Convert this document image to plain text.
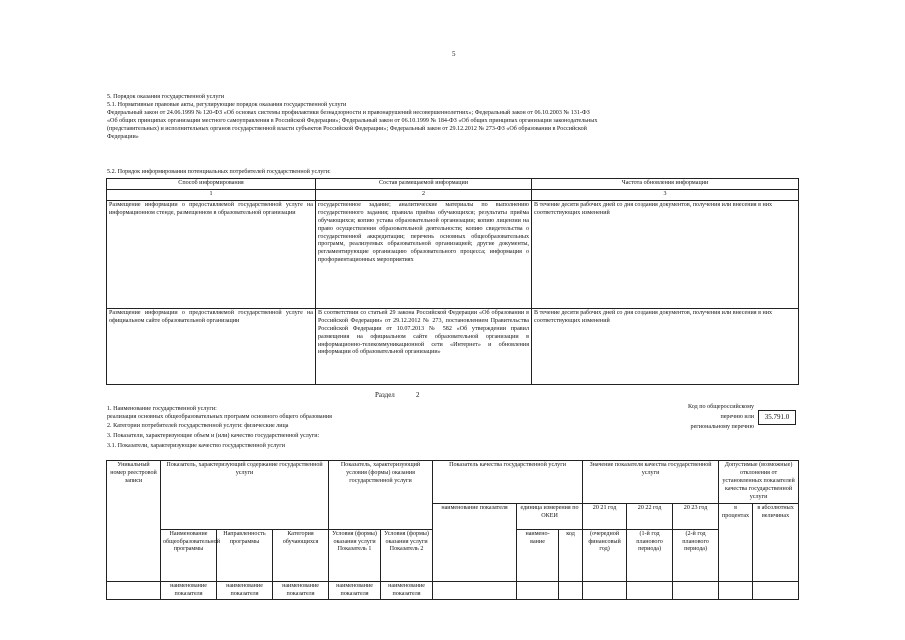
5
5. Порядок оказания государственной услуги
5.1. Нормативные правовые акты, регулирующие порядок оказания государственной услуги
Федеральный закон от 24.06.1999 № 120-ФЗ «Об основах системы профилактики безнадзорности и правонарушений несовершеннолетних»; Федеральный закон от 06.10.2003 № 131-ФЗ
«Об общих принципах организации местного самоуправления в Российской Федерации»; Федеральный закон от 06.10.1999 № 184-ФЗ «Об общих принципах организации законодательных
(представительных) и исполнительных органов государственной власти субъектов Российской Федерации»; Федеральный закон от 29.12.2012 № 273-ФЗ «Об образовании в Российской
Федерации»
5.2. Порядок информирования потенциальных потребителей государственной услуги:
Способ информирования	Состав размещаемой информации	Частота обновления информации
1	2	3
Размещение информации о предоставляемой государственной услуге на информационном стенде, размещенном в образовательной организации	государственное задание; аналитические материалы по выполнению государственного задания; правила приёма обучающихся; результаты приёма обучающихся; копию устава образовательной организации; копию лицензии на право осуществления образовательной деятельности; копию свидетельства о государственной аккредитации; перечень основных общеобразовательных программ, реализуемых образовательной организацией; другие документы, регламентирующие организацию образовательного процесса; информация о профориентационных мероприятиях	В течение десяти рабочих дней со дня создания документов, получения или внесения в них соответствующих изменений
Размещение информации о предоставляемой государственной услуге на официальном сайте образовательной организации	В соответствии со статьей 29 закона Российской Федерации «Об образовании в Российской Федерации» от 29.12.2012 № 273, постановлением Правительства Российской Федерации от 10.07.2013 № 582 «Об утверждении правил размещения на официальном сайте образовательной организации в информационно-телекоммуникационной сети «Интернет» и обновления информации об образовательной организации»	В течение десяти рабочих дней со дня создания документов, получения или внесения в них соответствующих изменений
Раздел	2
1. Наименование государственной услуги:
реализация основных общеобразовательных программ основного общего образования
2. Категории потребителей государственной услуги: физические лица
3. Показатели, характеризующие объем и (или) качество государственной услуги:
3.1. Показатели, характеризующие качество государственной услуги
Код по общероссийскому
перечню или
региональному перечню
35.791.0
Уникальный номер реестровой записи	Показатель, характеризующий содержание государственной услуги			Показатель, характеризующий условия (формы) оказания государственной услуги		Показатель качества государственной услуги			Значение показателя качества государственной услуги			Допустимые (возможные) отклонения от установленных показателей качества государственной услуги	
						наименование показателя	единица измерения по ОКЕИ		20 21 год	20 22 год	20 23 год	в процентах	в абсолютных величинах
	Наименование общеобразовательной программы	Направленность программы	Категория обучающихся	Условия (формы) оказания услуги Показатель 1	Условия (формы) оказания услуги Показатель 2		наимено-вание	код	(очередной финансовый год)	(1-й год планового периода)	(2-й год планового периода)		
	наименование показателя	наименование показателя	наименование показателя	наименование показателя	наименование показателя								
